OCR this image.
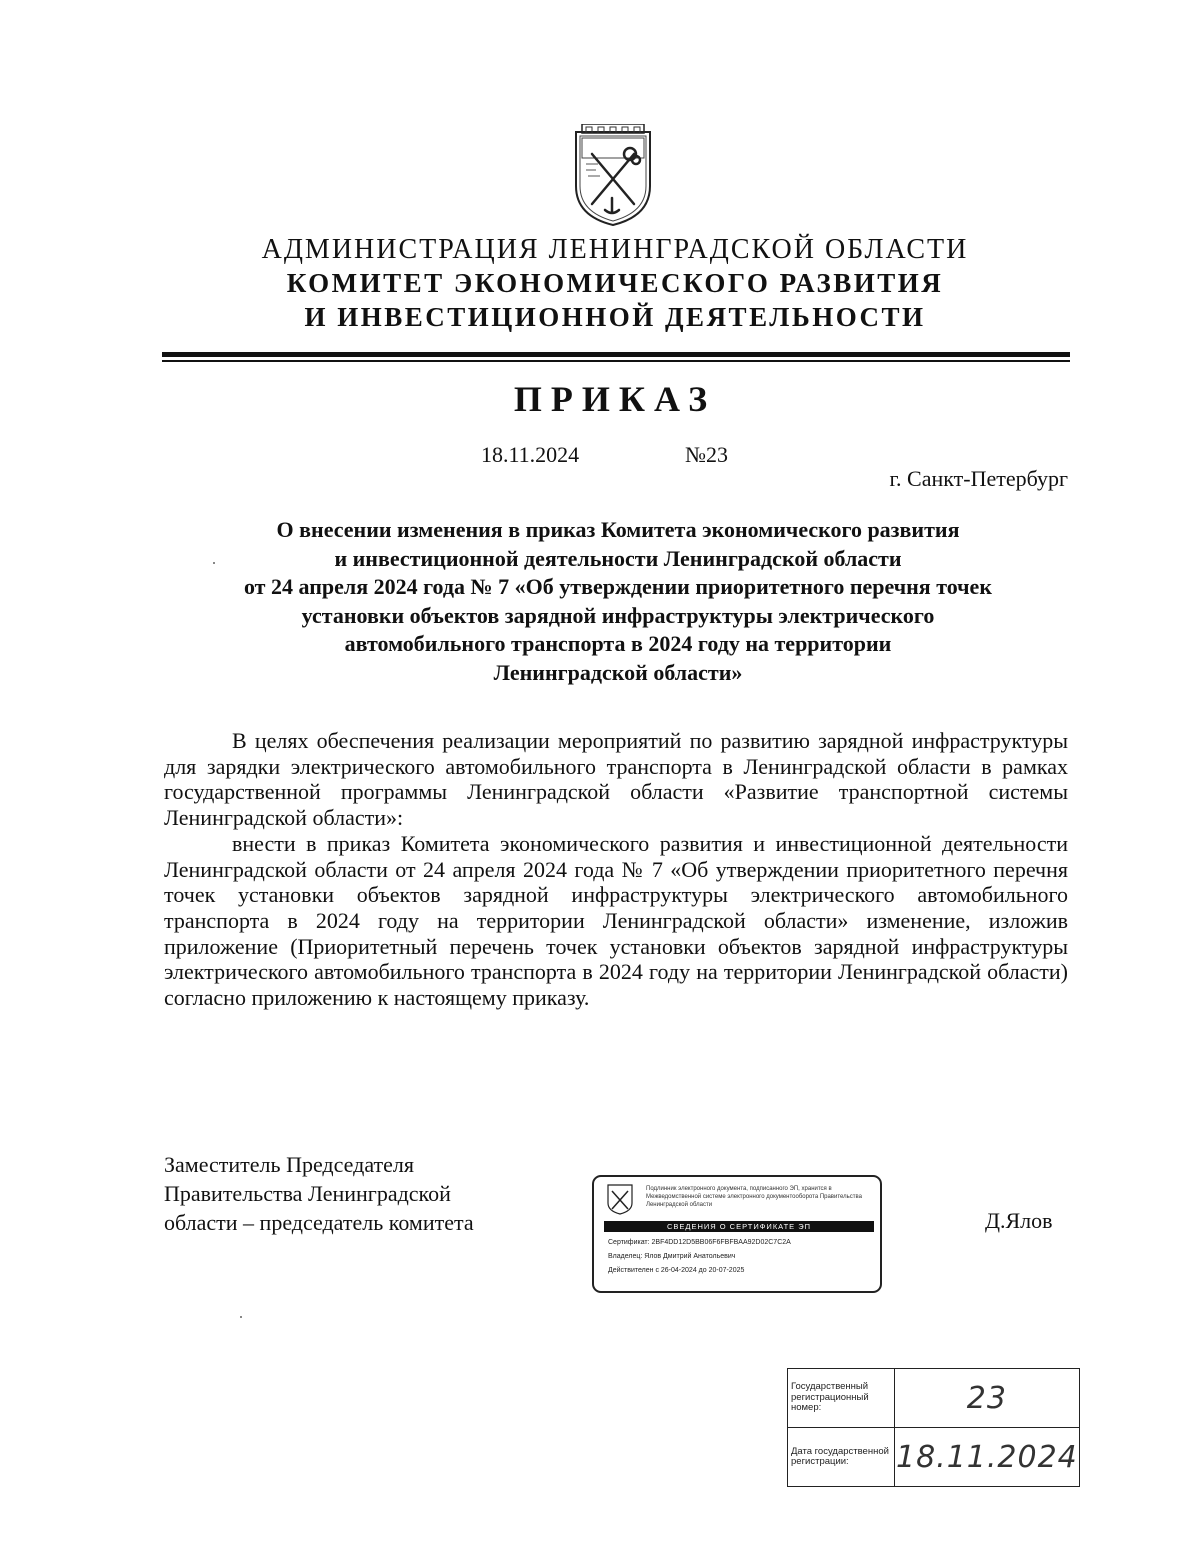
АДМИНИСТРАЦИЯ ЛЕНИНГРАДСКОЙ ОБЛАСТИ
КОМИТЕТ ЭКОНОМИЧЕСКОГО РАЗВИТИЯ
И ИНВЕСТИЦИОННОЙ ДЕЯТЕЛЬНОСТИ
ПРИКАЗ
18.11.2024	№23
г. Санкт-Петербург
О внесении изменения в приказ Комитета экономического развития
и инвестиционной деятельности Ленинградской области
от 24 апреля 2024 года № 7 «Об утверждении приоритетного перечня точек
установки объектов зарядной инфраструктуры электрического
автомобильного транспорта в 2024 году на территории
Ленинградской области»

В целях обеспечения реализации мероприятий по развитию зарядной инфраструктуры для зарядки электрического автомобильного транспорта в Ленинградской области в рамках государственной программы Ленинградской области «Развитие транспортной системы Ленинградской области»:

внести в приказ Комитета экономического развития и инвестиционной деятельности Ленинградской области от 24 апреля 2024 года № 7 «Об утверждении приоритетного перечня точек установки объектов зарядной инфраструктуры электрического автомобильного транспорта в 2024 году на территории Ленинградской области» изменение, изложив приложение (Приоритетный перечень точек установки объектов зарядной инфраструктуры электрического автомобильного транспорта в 2024 году на территории Ленинградской области) согласно приложению к настоящему приказу.

Заместитель Председателя
Правительства Ленинградской
области – председатель комитета	Д.Ялов
Подлинник электронного документа, подписанного ЭП, хранится в Межведомственной системе электронного документооборота Правительства Ленинградской области
СВЕДЕНИЯ О СЕРТИФИКАТЕ ЭП
Сертификат: 2BF4DD12D5BB06F6FBFBAA92D02C7C2A
Владелец: Ялов Дмитрий Анатольевич
Действителен с 26-04-2024 до 20-07-2025
Государственный регистрационный номер:	23
Дата государственной регистрации:	18.11.2024
